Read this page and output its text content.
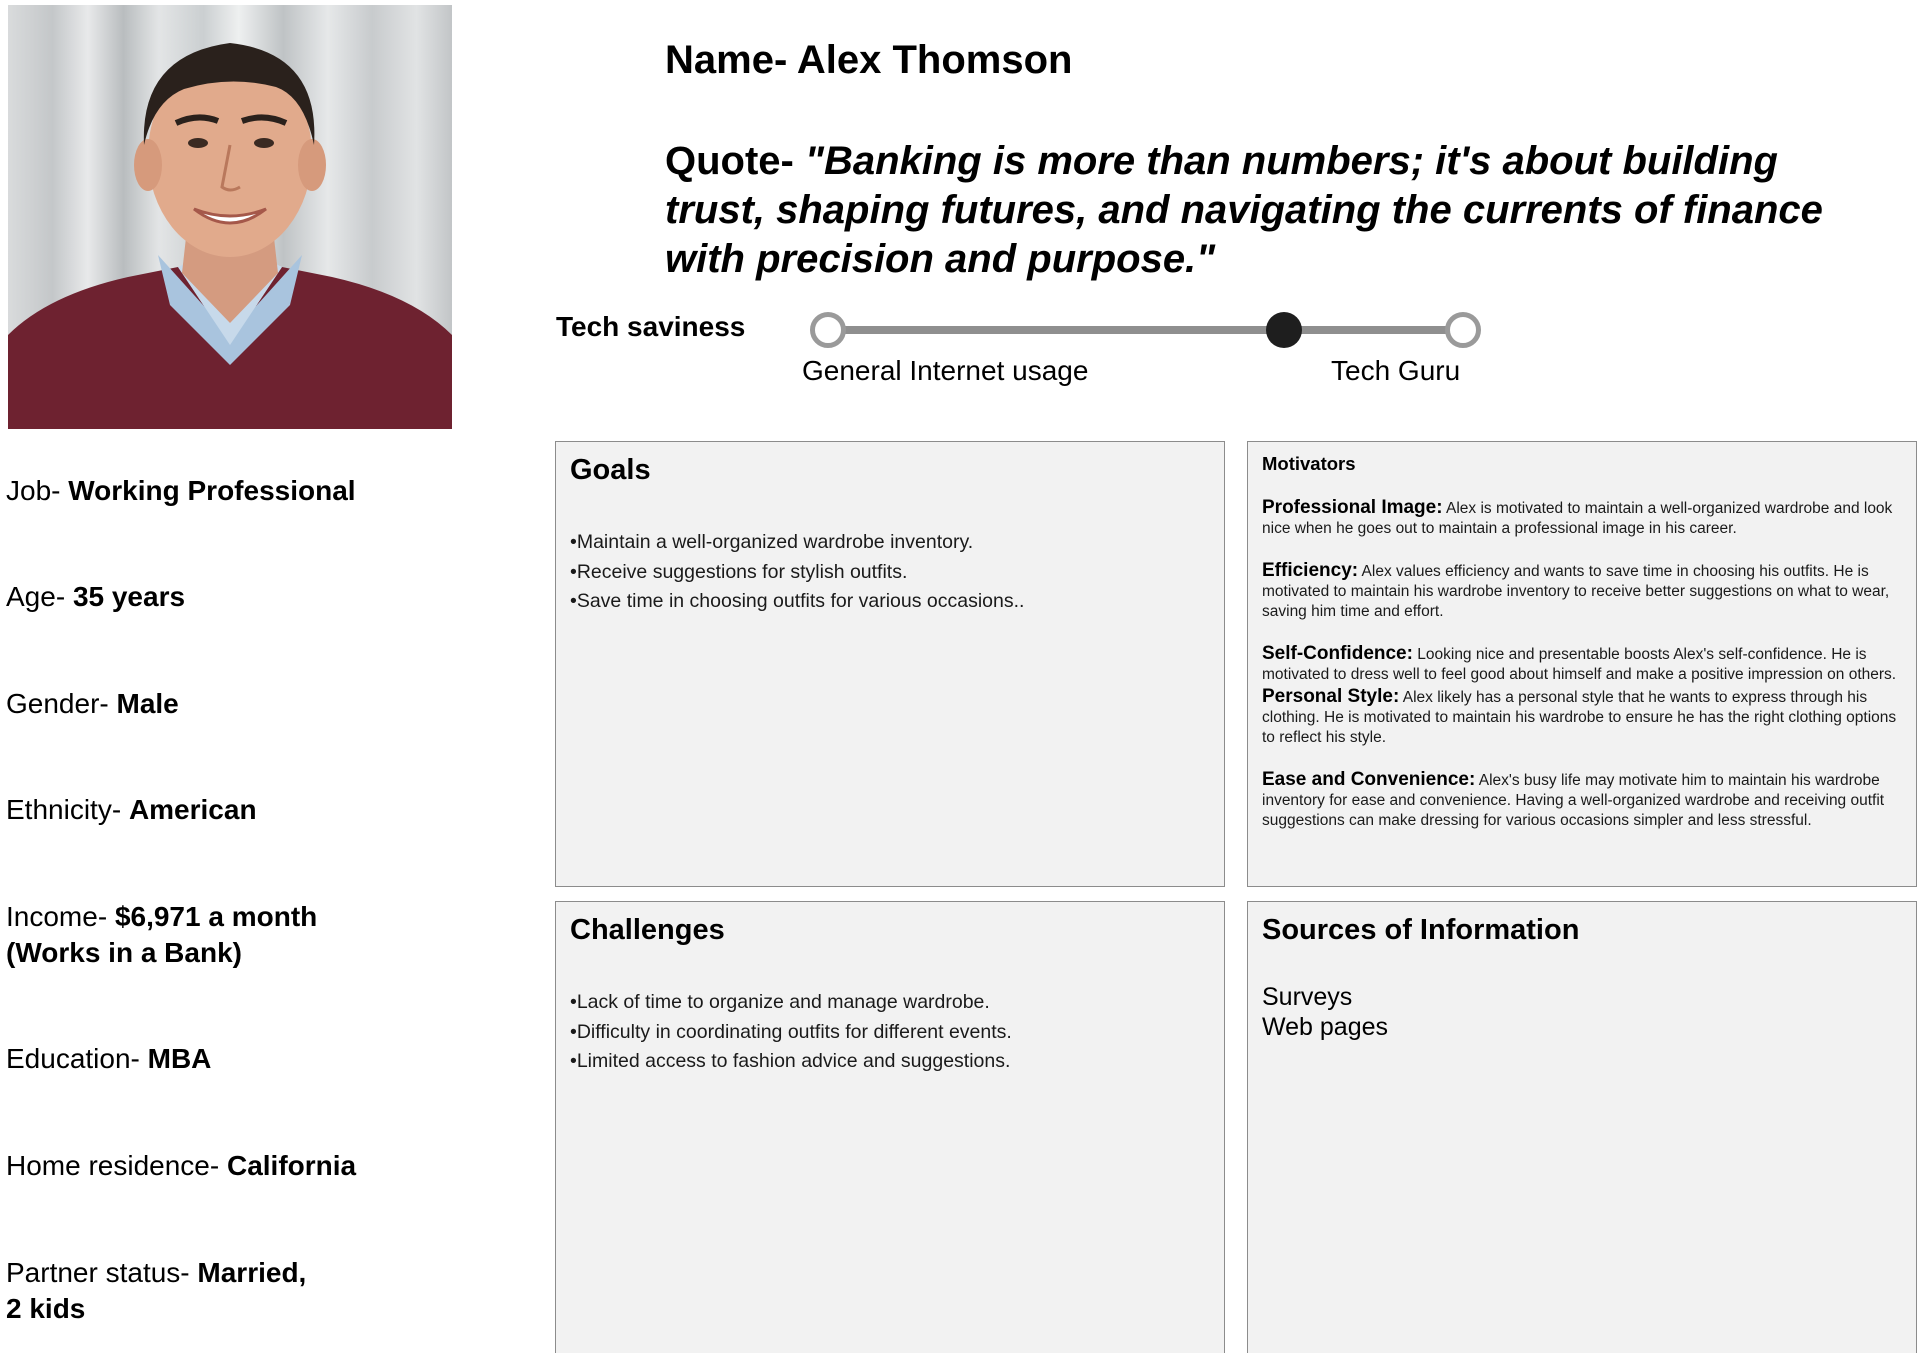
Job- Working Professional
Age- 35 years
Gender- Male
Ethnicity- American
Income- $6,971 a month
(Works in a Bank)
Education- MBA
Home residence- California
Partner status- Married,
2 kids
Name- Alex Thomson
Quote- "Banking is more than numbers; it's about building trust, shaping futures, and navigating the currents of finance with precision and purpose."
Tech saviness
General Internet usage	Tech Guru
Goals
•Maintain a well-organized wardrobe inventory.
•Receive suggestions for stylish outfits.
•Save time in choosing outfits for various occasions..
Motivators
Professional Image: Alex is motivated to maintain a well-organized wardrobe and look nice when he goes out to maintain a professional image in his career.
Efficiency: Alex values efficiency and wants to save time in choosing his outfits. He is motivated to maintain his wardrobe inventory to receive better suggestions on what to wear, saving him time and effort.
Self-Confidence: Looking nice and presentable boosts Alex's self-confidence. He is motivated to dress well to feel good about himself and make a positive impression on others.
Personal Style: Alex likely has a personal style that he wants to express through his clothing. He is motivated to maintain his wardrobe to ensure he has the right clothing options to reflect his style.
Ease and Convenience: Alex's busy life may motivate him to maintain his wardrobe inventory for ease and convenience. Having a well-organized wardrobe and receiving outfit suggestions can make dressing for various occasions simpler and less stressful.
Challenges
•Lack of time to organize and manage wardrobe.
•Difficulty in coordinating outfits for different events.
•Limited access to fashion advice and suggestions.
Sources of Information
Surveys
Web pages
